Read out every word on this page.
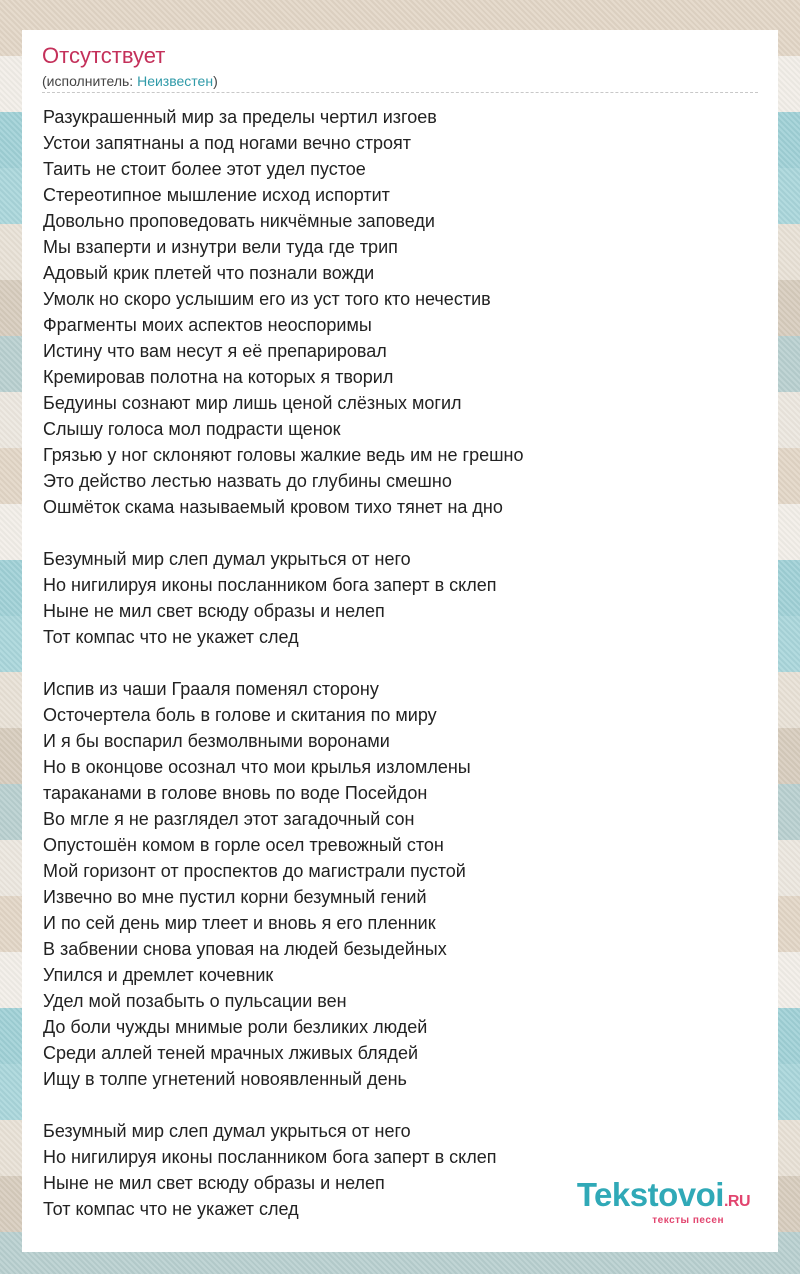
Отсутствует
(исполнитель: Неизвестен)
Разукрашенный мир за пределы чертил изгоев
Устои запятнаны а под ногами вечно строят
Таить не стоит более этот удел пустое
Стереотипное мышление исход испортит
Довольно проповедовать никчёмные заповеди
Мы взаперти и изнутри вели туда где трип
Адовый крик плетей что познали вожди
Умолк но скоро услышим его из уст того кто нечестив
Фрагменты моих аспектов неоспоримы
Истину что вам несут я её препарировал
Кремировав полотна на которых я творил
Бедуины сознают мир лишь ценой слёзных могил
Слышу голоса мол подрасти щенок
Грязью у ног склоняют головы жалкие ведь им не грешно
Это действо лестью назвать до глубины смешно
Ошмёток скама называемый кровом тихо тянет на дно
Безумный мир слеп думал укрыться от него
Но нигилируя иконы посланником бога заперт в склеп
Ныне не мил свет всюду образы и нелеп
Тот компас что не укажет след
Испив из чаши Грааля поменял сторону
Осточертела боль в голове и скитания по миру
И я бы воспарил безмолвными воронами
Но в оконцове осознал что мои крылья изломлены
тараканами в голове вновь по воде Посейдон
Во мгле я не разглядел этот загадочный сон
Опустошён комом в горле осел тревожный стон
Мой горизонт от проспектов до магистрали пустой
Извечно во мне пустил корни безумный гений
И по сей день мир тлеет и вновь я его пленник
В забвении снова уповая на людей безыдейных
Упился и дремлет кочевник
Удел мой позабыть о пульсации вен
До боли чужды мнимые роли безликих людей
Среди аллей теней мрачных лживых блядей
Ищу в толпе угнетений новоявленный день
Безумный мир слеп думал укрыться от него
Но нигилируя иконы посланником бога заперт в склеп
Ныне не мил свет всюду образы и нелеп
Тот компас что не укажет след	Tekstovoi.RU
тексты песен
